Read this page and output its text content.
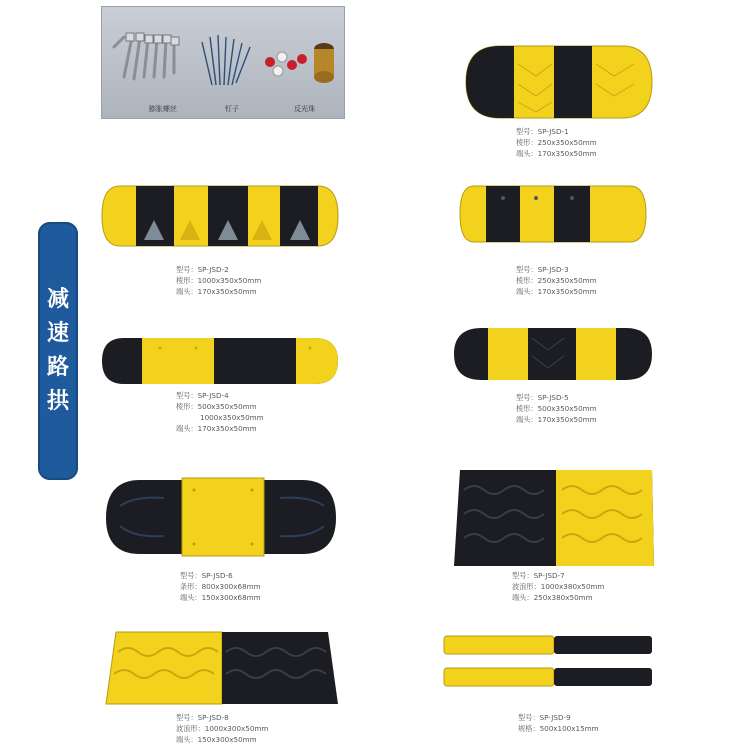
减
速
路
拱
膨胀螺丝	钉子	反光珠
型号：SP-JSD-1
棱形：250x350x50mm
端头：170x350x50mm
型号：SP-JSD-2
棱形：1000x350x50mm
端头：170x350x50mm
型号：SP-JSD-3
棱形：250x350x50mm
端头：170x350x50mm
型号：SP-JSD-4
棱形：500x350x50mm
1000x350x50mm
端头：170x350x50mm
型号：SP-JSD-5
棱形：500x350x50mm
端头：170x350x50mm
型号：SP-JSD-6
条形：800x300x68mm
端头：150x300x68mm
型号：SP-JSD-7
波浪形：1000x380x50mm
端头：250x380x50mm
型号：SP-JSD-8
波浪形：1000x300x50mm
端头：150x300x50mm
型号：SP-JSD-9
规格：500x100x15mm
